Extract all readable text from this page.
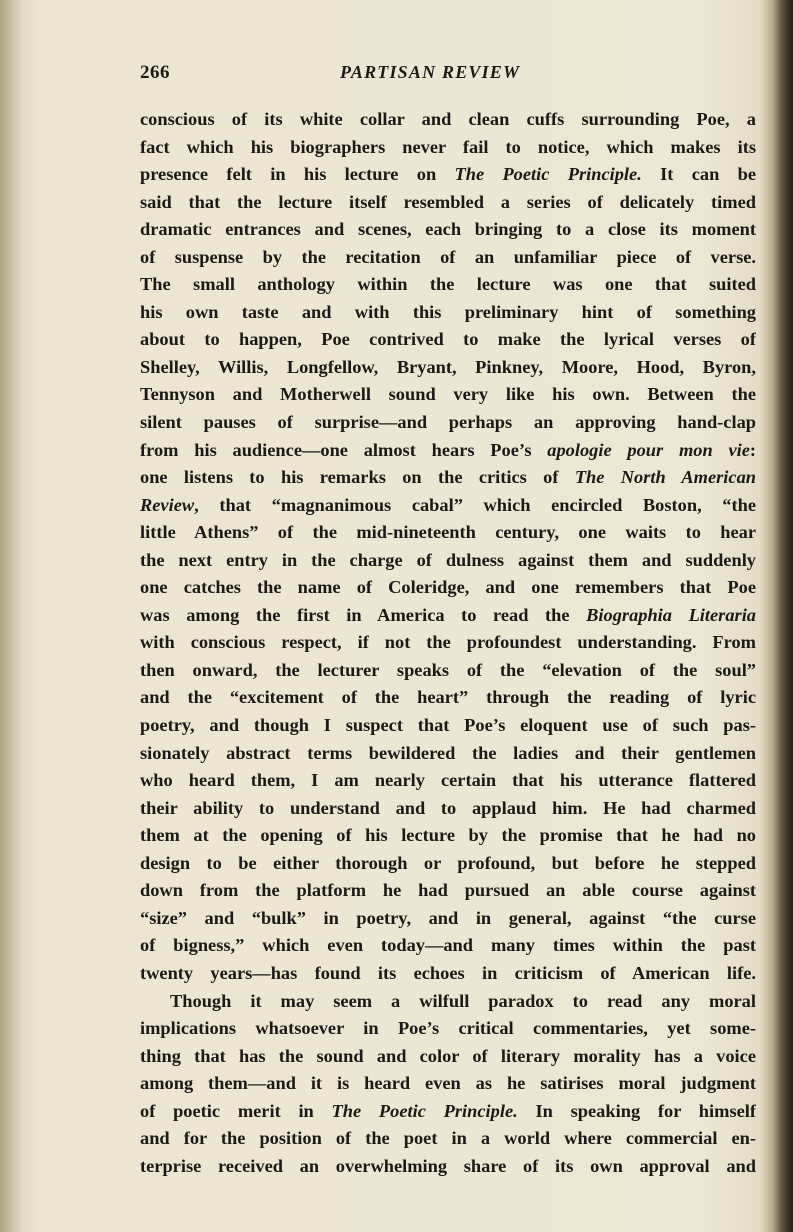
266	PARTISAN REVIEW
conscious of its white collar and clean cuffs surrounding Poe, a
fact which his biographers never fail to notice, which makes its
presence felt in his lecture on The Poetic Principle. It can be
said that the lecture itself resembled a series of delicately timed
dramatic entrances and scenes, each bringing to a close its moment
of suspense by the recitation of an unfamiliar piece of verse.
The small anthology within the lecture was one that suited
his own taste and with this preliminary hint of something
about to happen, Poe contrived to make the lyrical verses of
Shelley, Willis, Longfellow, Bryant, Pinkney, Moore, Hood, Byron,
Tennyson and Motherwell sound very like his own. Between the
silent pauses of surprise—and perhaps an approving hand-clap
from his audience—one almost hears Poe’s apologie pour mon vie:
one listens to his remarks on the critics of The North American
Review, that “magnanimous cabal” which encircled Boston, “the
little Athens” of the mid-nineteenth century, one waits to hear
the next entry in the charge of dulness against them and suddenly
one catches the name of Coleridge, and one remembers that Poe
was among the first in America to read the Biographia Literaria
with conscious respect, if not the profoundest understanding. From
then onward, the lecturer speaks of the “elevation of the soul”
and the “excitement of the heart” through the reading of lyric
poetry, and though I suspect that Poe’s eloquent use of such pas-
sionately abstract terms bewildered the ladies and their gentlemen
who heard them, I am nearly certain that his utterance flattered
their ability to understand and to applaud him. He had charmed
them at the opening of his lecture by the promise that he had no
design to be either thorough or profound, but before he stepped
down from the platform he had pursued an able course against
“size” and “bulk” in poetry, and in general, against “the curse
of bigness,” which even today—and many times within the past
twenty years—has found its echoes in criticism of American life.
Though it may seem a wilfull paradox to read any moral
implications whatsoever in Poe’s critical commentaries, yet some-
thing that has the sound and color of literary morality has a voice
among them—and it is heard even as he satirises moral judgment
of poetic merit in The Poetic Principle. In speaking for himself
and for the position of the poet in a world where commercial en-
terprise received an overwhelming share of its own approval and
